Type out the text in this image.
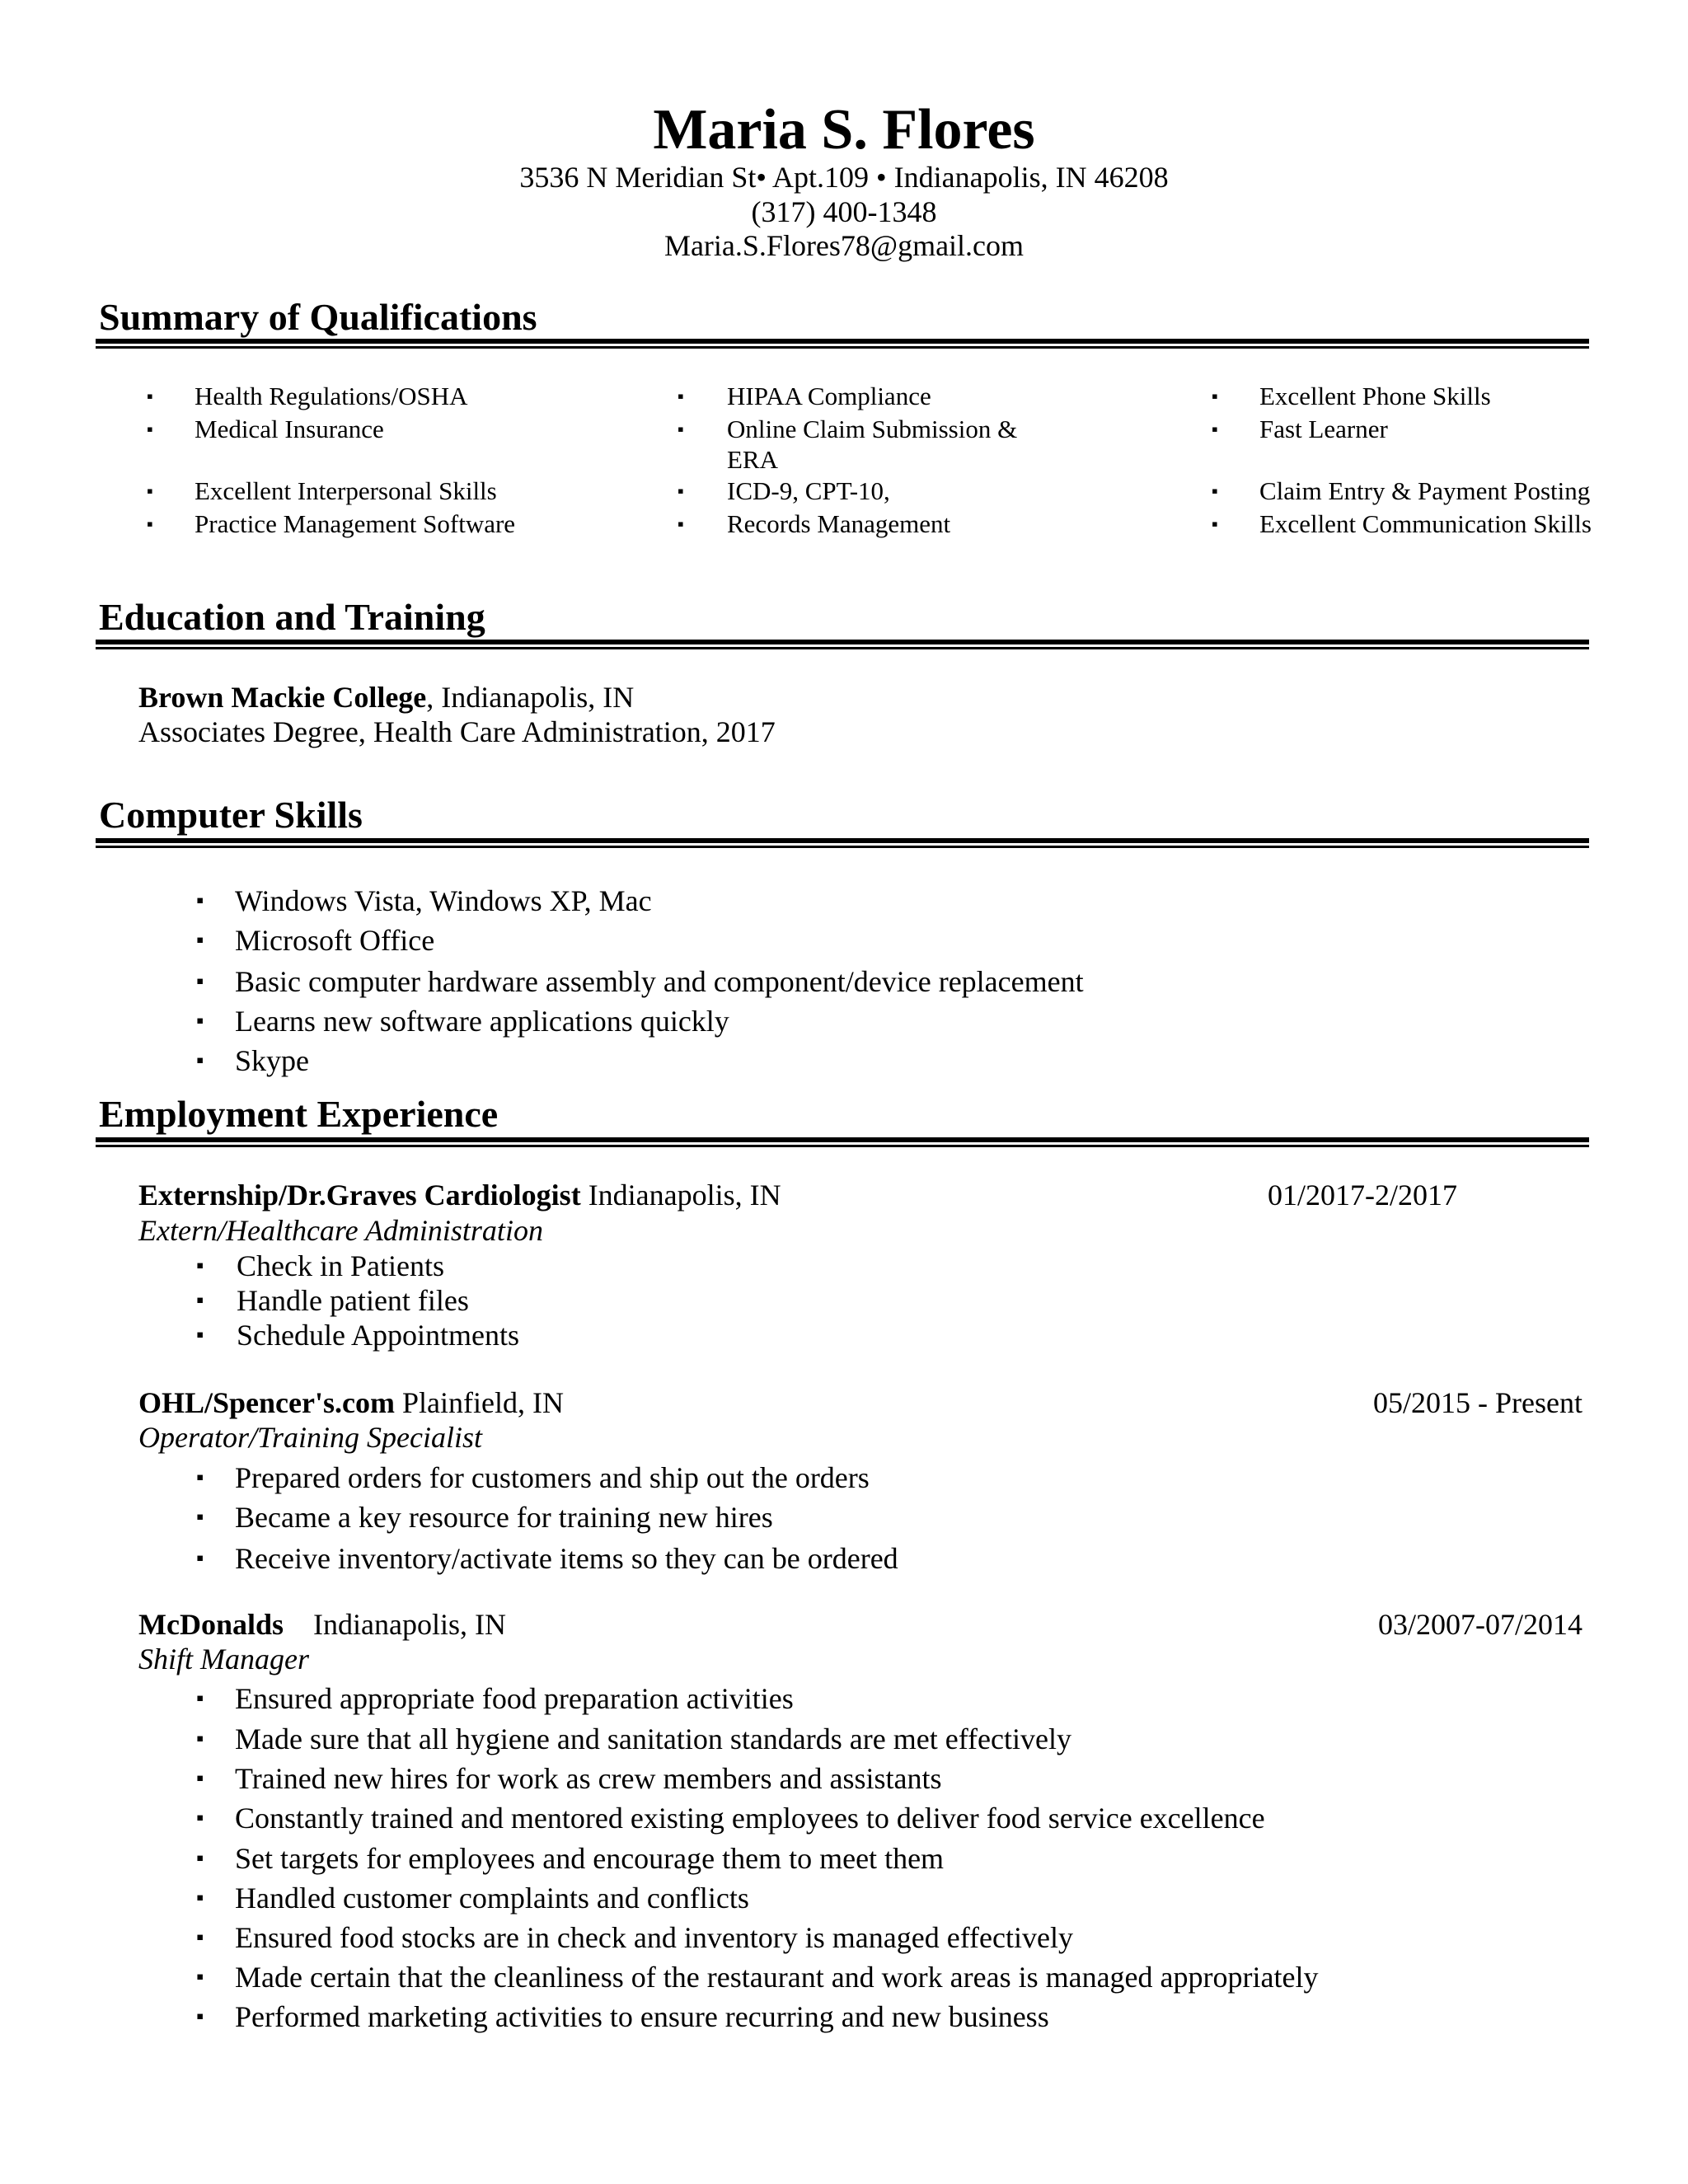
Maria S. Flores
3536 N Meridian St• Apt.109 • Indianapolis, IN 46208
(317) 400-1348
Maria.S.Flores78@gmail.com
Summary of Qualifications
▪ Health Regulations/OSHA
▪ Medical Insurance
▪ Excellent Interpersonal Skills
▪ Practice Management Software
▪ HIPAA Compliance
▪ Online Claim Submission &
ERA
▪ ICD-9, CPT-10,
▪ Records Management
▪ Excellent Phone Skills
▪ Fast Learner
▪ Claim Entry & Payment Posting
▪ Excellent Communication Skills
Education and Training
Brown Mackie College, Indianapolis, IN
Associates Degree, Health Care Administration, 2017
Computer Skills
▪ Windows Vista, Windows XP, Mac
▪ Microsoft Office
▪ Basic computer hardware assembly and component/device replacement
▪ Learns new software applications quickly
▪ Skype
Employment Experience
Externship/Dr.Graves Cardiologist Indianapolis, IN	01/2017-2/2017
Extern/Healthcare Administration
▪ Check in Patients
▪ Handle patient files
▪ Schedule Appointments
OHL/Spencer's.com Plainfield, IN	05/2015 - Present
Operator/Training Specialist
▪ Prepared orders for customers and ship out the orders
▪ Became a key resource for training new hires
▪ Receive inventory/activate items so they can be ordered
McDonalds    Indianapolis, IN	03/2007-07/2014
Shift Manager
▪ Ensured appropriate food preparation activities
▪ Made sure that all hygiene and sanitation standards are met effectively
▪ Trained new hires for work as crew members and assistants
▪ Constantly trained and mentored existing employees to deliver food service excellence
▪ Set targets for employees and encourage them to meet them
▪ Handled customer complaints and conflicts
▪ Ensured food stocks are in check and inventory is managed effectively
▪ Made certain that the cleanliness of the restaurant and work areas is managed appropriately
▪ Performed marketing activities to ensure recurring and new business
